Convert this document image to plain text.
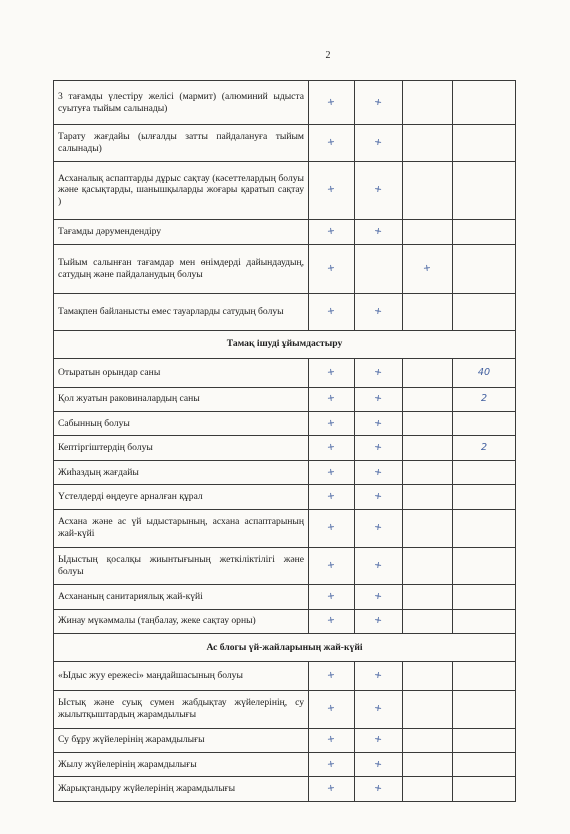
2
3 тағамды үлестіру желісі (мармит) (алюминий ыдыста суытуға тыйым салынады)	+	+		
Тарату жағдайы (ылғалды затты пайдалануға тыйым салынады)	+	+		
Асханалық аспаптарды дұрыс сақтау (кәсеттелардың болуы және қасықтарды, шанышқыларды жоғары қаратып сақтау )	+	+		
Тағамды дәрумендендіру	+	+		
Тыйым салынған тағамдар мен өнімдерді дайындаудың, сатудың және пайдаланудың болуы	+		+	
Тамақпен байланысты емес тауарларды сатудың болуы	+	+		
Тамақ ішуді ұйымдастыру				
Отыратын орындар саны	+	+		40
Қол жуатын раковиналардың саны	+	+		2
Сабынның болуы	+	+		
Кептіргіштердің болуы	+	+		2
Жиһаздың жағдайы	+	+		
Үстелдерді өңдеуге арналған құрал	+	+		
Асхана және ас үй ыдыстарының, асхана аспаптарының жай-күйі	+	+		
Ыдыстың қосалқы жиынтығының жеткіліктілігі және болуы	+	+		
Асхананың санитариялық жай-күйі	+	+		
Жинау мүкәммалы (таңбалау, жеке сақтау орны)	+	+		
Ас блогы үй-жайларының жай-күйі				
«Ыдыс жуу ережесі» маңдайшасының болуы	+	+		
Ыстық және суық сумен жабдықтау жүйелерінің, су жылытқыштардың жарамдылығы	+	+		
Су бұру жүйелерінің жарамдылығы	+	+		
Жылу жүйелерінің жарамдылығы	+	+		
Жарықтандыру жүйелерінің жарамдылығы	+	+		
